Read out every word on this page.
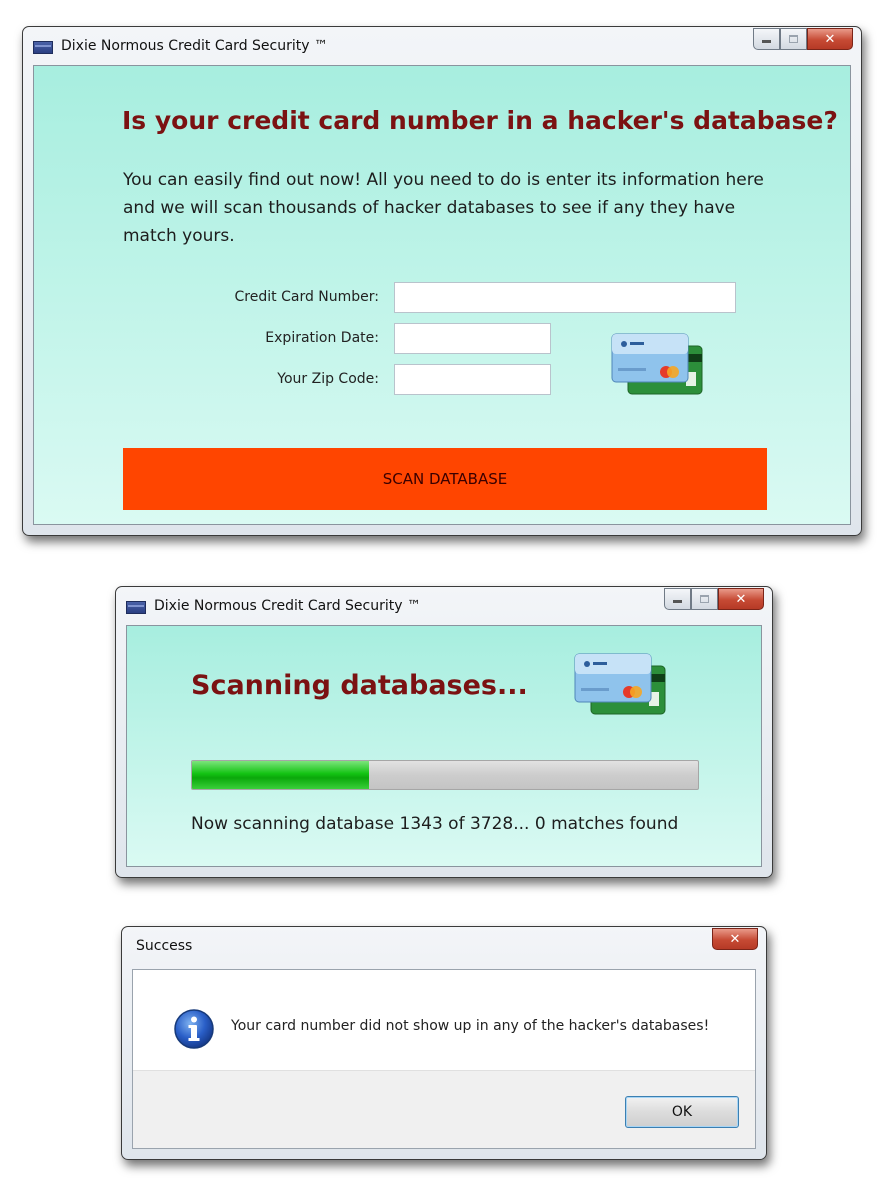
Dixie Normous Credit Card Security ™	✕
Is your credit card number in a hacker's database?
You can easily find out now! All you need to do is enter its information here and we will scan thousands of hacker databases to see if any they have match yours.
Credit Card Number:
Expiration Date:
Your Zip Code:
SCAN DATABASE
Dixie Normous Credit Card Security ™	✕
Scanning databases...
Now scanning database 1343 of 3728... 0 matches found
Success	✕
Your card number did not show up in any of the hacker's databases!
OK
